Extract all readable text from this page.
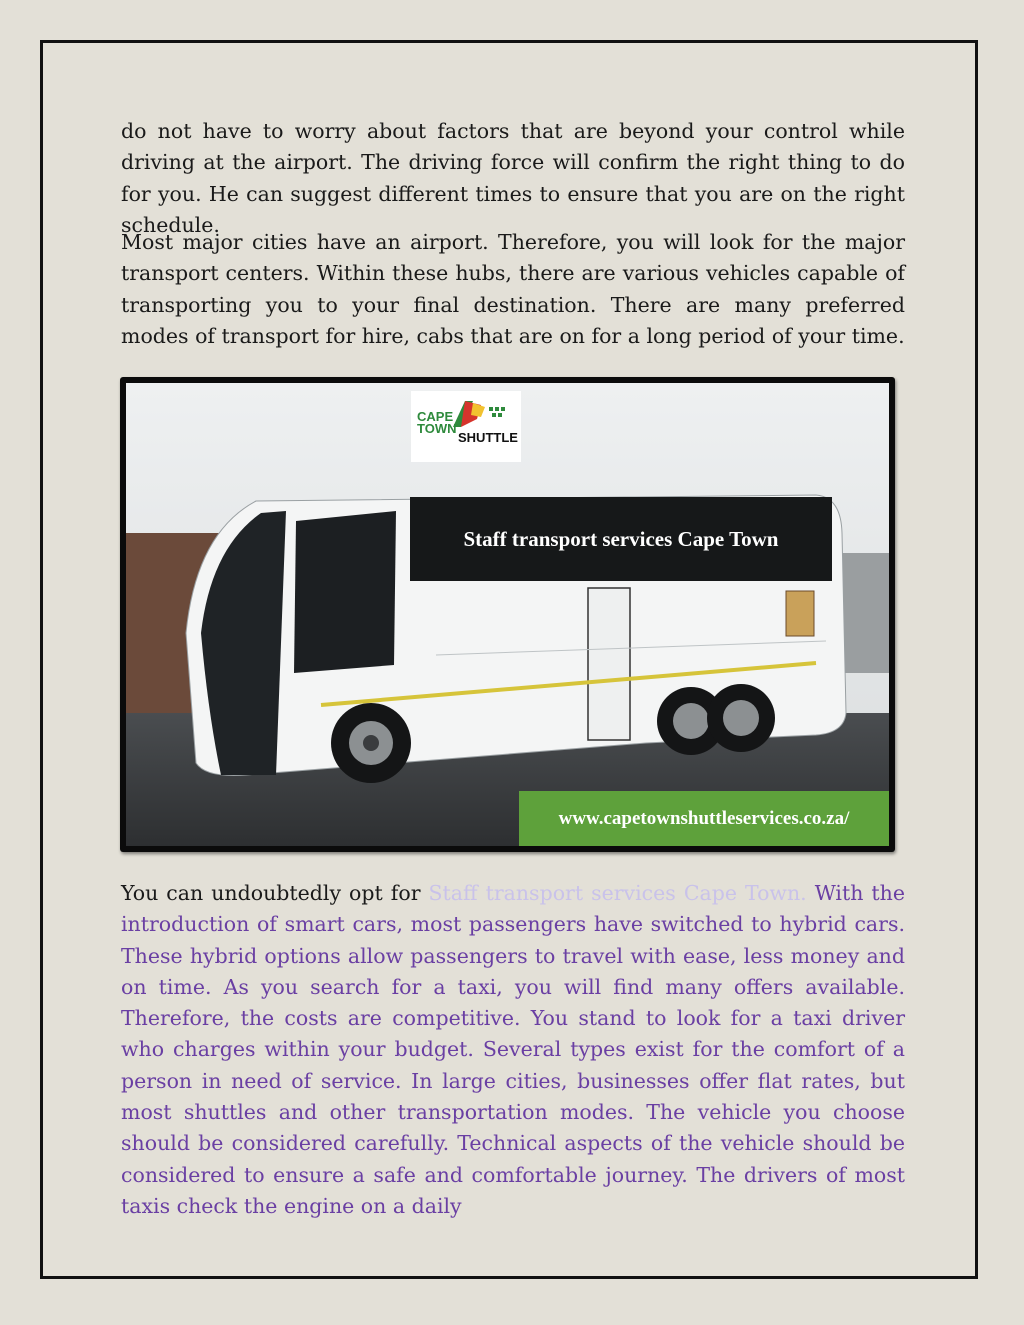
do not have to worry about factors that are beyond your control while driving at the airport. The driving force will confirm the right thing to do for you. He can suggest different times to ensure that you are on the right schedule.

Most major cities have an airport. Therefore, you will look for the major transport centers. Within these hubs, there are various vehicles capable of transporting you to your final destination. There are many preferred modes of transport for hire, cabs that are on for a long period of your time.

CAPE
TOWN
SHUTTLE
Staff transport services Cape Town
www.capetownshuttleservices.co.za/

You can undoubtedly opt for Staff transport services Cape Town. With the introduction of smart cars, most passengers have switched to hybrid cars. These hybrid options allow passengers to travel with ease, less money and on time. As you search for a taxi, you will find many offers available. Therefore, the costs are competitive. You stand to look for a taxi driver who charges within your budget. Several types exist for the comfort of a person in need of service. In large cities, businesses offer flat rates, but most shuttles and other transportation modes. The vehicle you choose should be considered carefully. Technical aspects of the vehicle should be considered to ensure a safe and comfortable journey. The drivers of most taxis check the engine on a daily
